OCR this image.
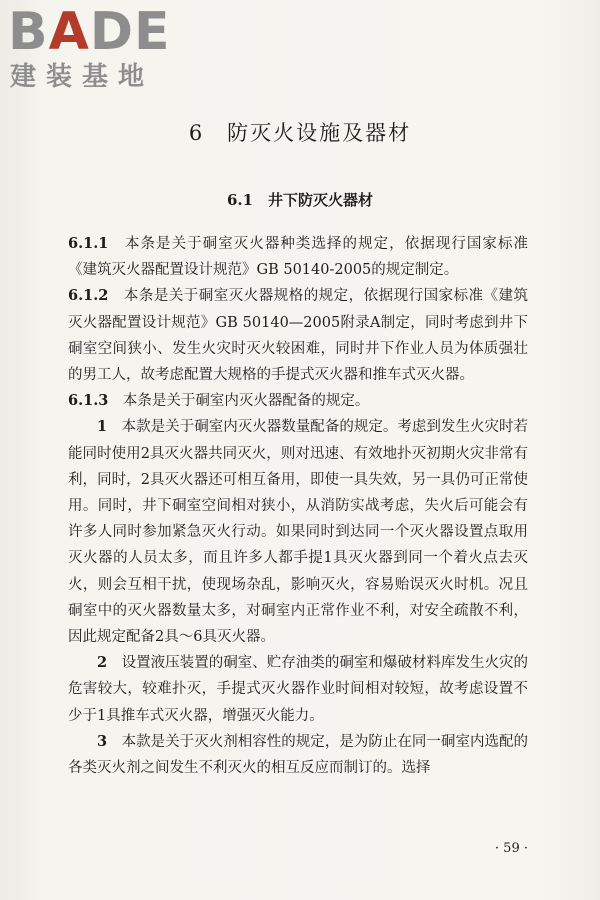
BADE
建装基地
6　防灭火设施及器材
6.1　井下防灭火器材

6.1.1　 本条是关于硐室灭火器种类选择的规定，依据现行国家标准《建筑灭火器配置设计规范》GB 50140-2005的规定制定。

6.1.2　 本条是关于硐室灭火器规格的规定，依据现行国家标准《建筑灭火器配置设计规范》GB 50140—2005附录A制定，同时考虑到井下硐室空间狭小、发生火灾时灭火较困难，同时井下作业人员为体质强壮的男工人，故考虑配置大规格的手提式灭火器和推车式灭火器。

6.1.3　 本条是关于硐室内灭火器配备的规定。

1　 本款是关于硐室内灭火器数量配备的规定。考虑到发生火灾时若能同时使用2具灭火器共同灭火，则对迅速、有效地扑灭初期火灾非常有利，同时，2具灭火器还可相互备用，即使一具失效，另一具仍可正常使用。同时，井下硐室空间相对狭小，从消防实战考虑，失火后可能会有许多人同时参加紧急灭火行动。如果同时到达同一个灭火器设置点取用灭火器的人员太多，而且许多人都手提1具灭火器到同一个着火点去灭火，则会互相干扰，使现场杂乱，影响灭火，容易贻误灭火时机。况且硐室中的灭火器数量太多，对硐室内正常作业不利，对安全疏散不利，因此规定配备2具～6具灭火器。

2　 设置液压装置的硐室、贮存油类的硐室和爆破材料库发生火灾的危害较大，较难扑灭，手提式灭火器作业时间相对较短，故考虑设置不少于1具推车式灭火器，增强灭火能力。

3　 本款是关于灭火剂相容性的规定，是为防止在同一硐室内选配的各类灭火剂之间发生不利灭火的相互反应而制订的。选择

· 59 ·
